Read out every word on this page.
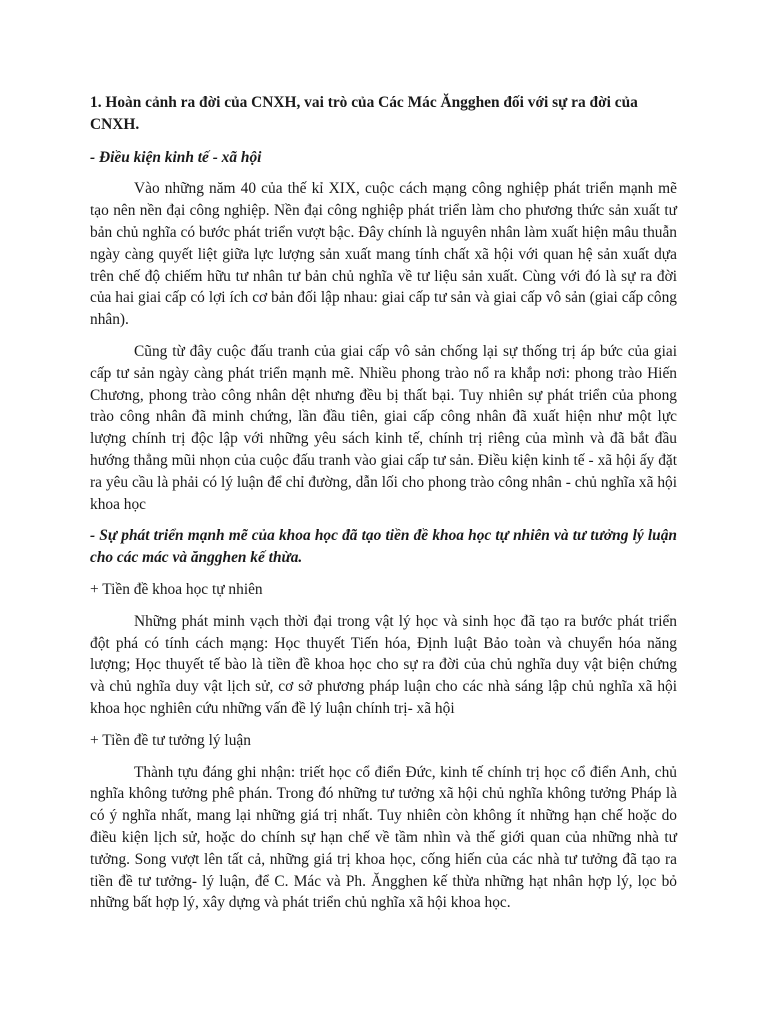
1. Hoàn cảnh ra đời của CNXH, vai trò của Các Mác Ăngghen đối với sự ra đời của CNXH.

- Điều kiện kinh tế - xã hội

Vào những năm 40 của thế kỉ XIX, cuộc cách mạng công nghiệp phát triển mạnh mẽ tạo nên nền đại công nghiệp. Nền đại công nghiệp phát triển làm cho phương thức sản xuất tư bản chủ nghĩa có bước phát triển vượt bậc. Đây chính là nguyên nhân làm xuất hiện mâu thuẫn ngày càng quyết liệt giữa lực lượng sản xuất mang tính chất xã hội với quan hệ sản xuất dựa trên chế độ chiếm hữu tư nhân tư bản chủ nghĩa về tư liệu sản xuất. Cùng với đó là sự ra đời của hai giai cấp có lợi ích cơ bản đối lập nhau: giai cấp tư sản và giai cấp vô sản (giai cấp công nhân).

Cũng từ đây cuộc đấu tranh của giai cấp vô sản chống lại sự thống trị áp bức của giai cấp tư sản ngày càng phát triển mạnh mẽ. Nhiều phong trào nổ ra khắp nơi: phong trào Hiến Chương, phong trào công nhân dệt nhưng đều bị thất bại. Tuy nhiên sự phát triển của phong trào công nhân đã minh chứng, lần đầu tiên, giai cấp công nhân đã xuất hiện như một lực lượng chính trị độc lập với những yêu sách kinh tế, chính trị riêng của mình và đã bắt đầu hướng thẳng mũi nhọn của cuộc đấu tranh vào giai cấp tư sản. Điều kiện kinh tế - xã hội ấy đặt ra yêu cầu là phải có lý luận để chỉ đường, dẫn lối cho phong trào công nhân - chủ nghĩa xã hội khoa học

- Sự phát triển mạnh mẽ của khoa học đã tạo tiền đề khoa học tự nhiên và tư tưởng lý luận cho các mác và ăngghen kế thừa.

+ Tiền đề khoa học tự nhiên

Những phát minh vạch thời đại trong vật lý học và sinh học đã tạo ra bước phát triển đột phá có tính cách mạng: Học thuyết Tiến hóa, Định luật Bảo toàn và chuyển hóa năng lượng; Học thuyết tế bào là tiền đề khoa học cho sự ra đời của chủ nghĩa duy vật biện chứng và chủ nghĩa duy vật lịch sử, cơ sở phương pháp luận cho các nhà sáng lập chủ nghĩa xã hội khoa học nghiên cứu những vấn đề lý luận chính trị- xã hội

+ Tiền đề tư tưởng lý luận

Thành tựu đáng ghi nhận: triết học cổ điển Đức, kinh tế chính trị học cổ điển Anh, chủ nghĩa không tưởng phê phán. Trong đó những tư tưởng xã hội chủ nghĩa không tưởng Pháp là có ý nghĩa nhất, mang lại những giá trị nhất. Tuy nhiên còn không ít những hạn chế hoặc do điều kiện lịch sử, hoặc do chính sự hạn chế về tầm nhìn và thế giới quan của những nhà tư tưởng. Song vượt lên tất cả, những giá trị khoa học, cống hiến của các nhà tư tưởng đã tạo ra tiền đề tư tưởng- lý luận, để C. Mác và Ph. Ăngghen kế thừa những hạt nhân hợp lý, lọc bỏ những bất hợp lý, xây dựng và phát triển chủ nghĩa xã hội khoa học.
